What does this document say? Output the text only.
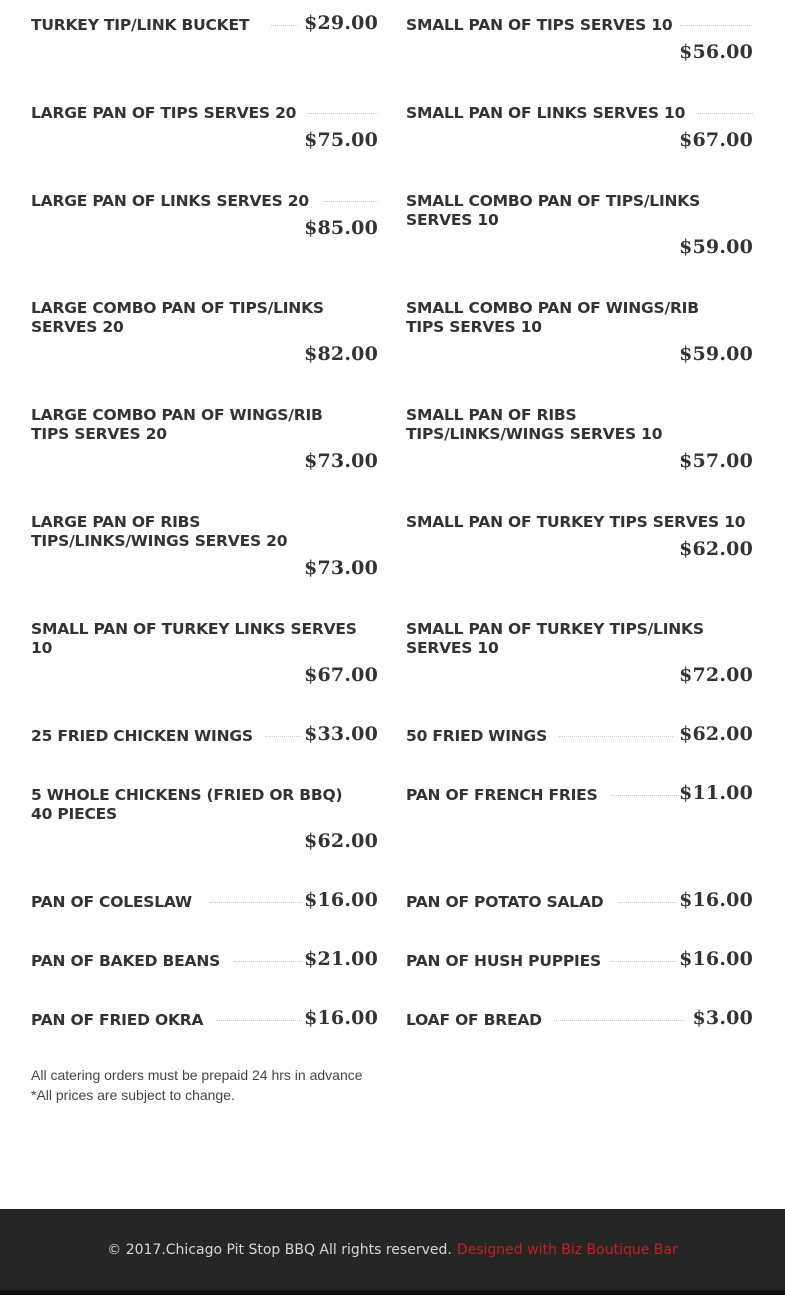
TURKEY TIP/LINK BUCKET	$29.00 SMALL PAN OF TIPS SERVES 10
$56.00
LARGE PAN OF TIPS SERVES 20
$75.00
SMALL PAN OF LINKS SERVES 10
$67.00
LARGE PAN OF LINKS SERVES 20
$85.00
SMALL COMBO PAN OF TIPS/LINKS SERVES 10
$59.00
LARGE COMBO PAN OF TIPS/LINKS SERVES 20
$82.00
SMALL COMBO PAN OF WINGS/RIB TIPS SERVES 10
$59.00
LARGE COMBO PAN OF WINGS/RIB TIPS SERVES 20
$73.00
SMALL PAN OF RIBS TIPS/LINKS/WINGS SERVES 10
$57.00
LARGE PAN OF RIBS TIPS/LINKS/WINGS SERVES 20
$73.00
SMALL PAN OF TURKEY TIPS SERVES 10
$62.00
SMALL PAN OF TURKEY LINKS SERVES 10
$67.00
SMALL PAN OF TURKEY TIPS/LINKS SERVES 10
$72.00
25 FRIED CHICKEN WINGS	$33.00 50 FRIED WINGS	$62.00
5 WHOLE CHICKENS (FRIED OR BBQ) 40 PIECES
$62.00
PAN OF FRENCH FRIES	$11.00
PAN OF COLESLAW	$16.00 PAN OF POTATO SALAD	$16.00
PAN OF BAKED BEANS	$21.00 PAN OF HUSH PUPPIES	$16.00
PAN OF FRIED OKRA	$16.00 LOAF OF BREAD	$3.00
All catering orders must be prepaid 24 hrs in advance
*All prices are subject to change.
© 2017.Chicago Pit Stop BBQ All rights reserved. Designed with Biz Boutique Bar
